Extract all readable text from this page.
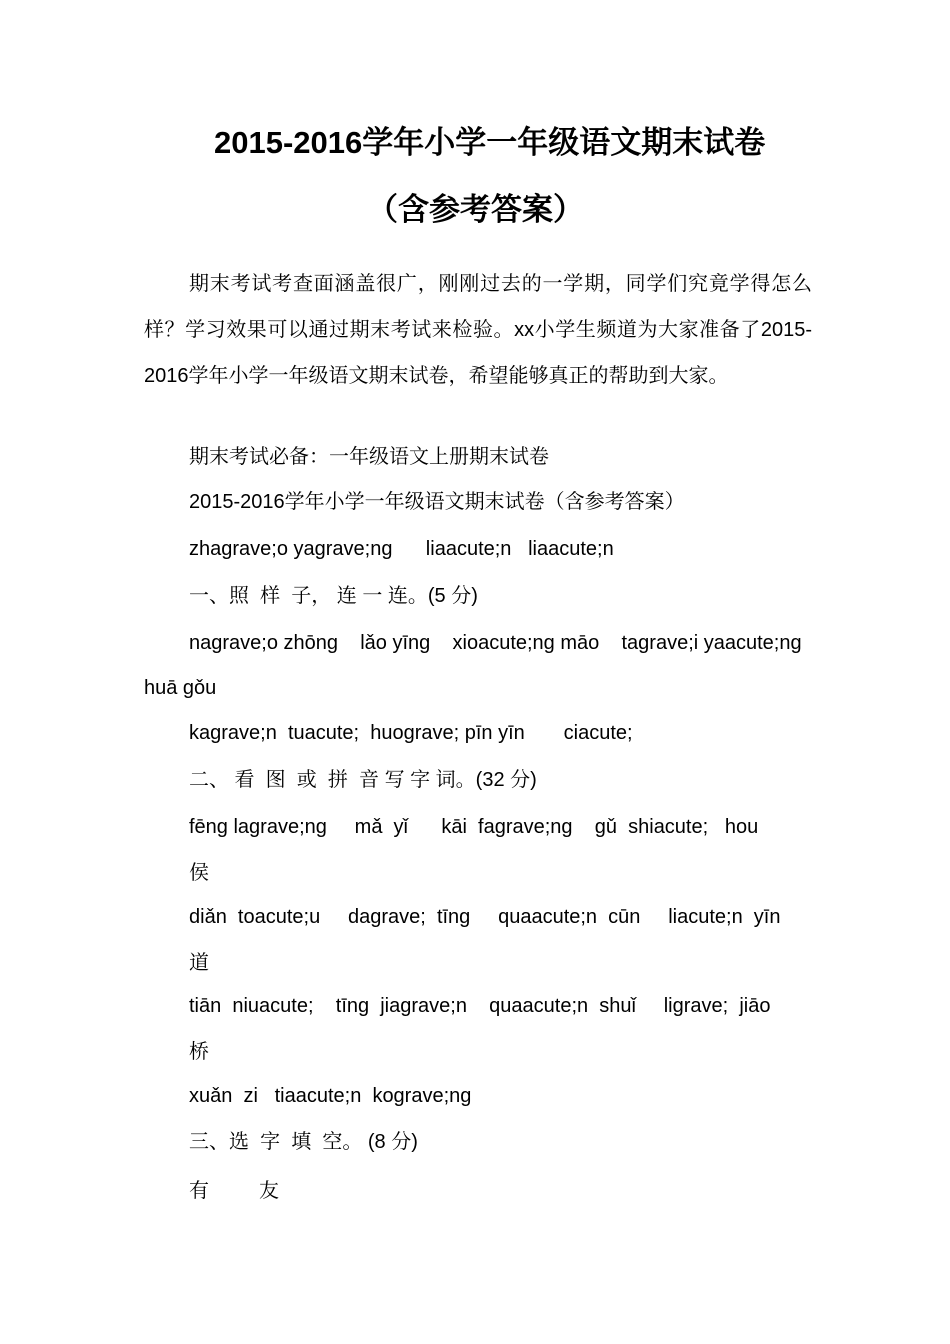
2015-2016学年小学一年级语文期末试卷
（含参考答案）

期末考试考查面涵盖很广，刚刚过去的一学期，同学们究竟学得怎么样？学习效果可以通过期末考试来检验。xx小学生频道为大家准备了2015-2016学年小学一年级语文期末试卷，希望能够真正的帮助到大家。

期末考试必备：一年级语文上册期末试卷
2015-2016学年小学一年级语文期末试卷（含参考答案）
zhagrave;o yagrave;ng      liaacute;n   liaacute;n
一、照  样  子， 连 一 连。(5 分)
nagrave;o zhōng    lǎo yīng    xioacute;ng māo    tagrave;i yaacute;ng
huā gǒu
kagrave;n  tuacute;  huograve; pīn yīn       ciacute;
二、 看  图  或  拼  音 写 字 词。(32 分)
fēng lagrave;ng     mǎ  yǐ      kāi  fagrave;ng    gǔ  shiacute;   hou
侯
diǎn  toacute;u     dagrave;  tīng     quaacute;n  cūn     liacute;n  yīn
道
tiān  niuacute;    tīng  jiagrave;n    quaacute;n  shuǐ     ligrave;  jiāo
桥
xuǎn  zi   tiaacute;n  kograve;ng
三、选  字  填  空。 (8 分)
有         友
